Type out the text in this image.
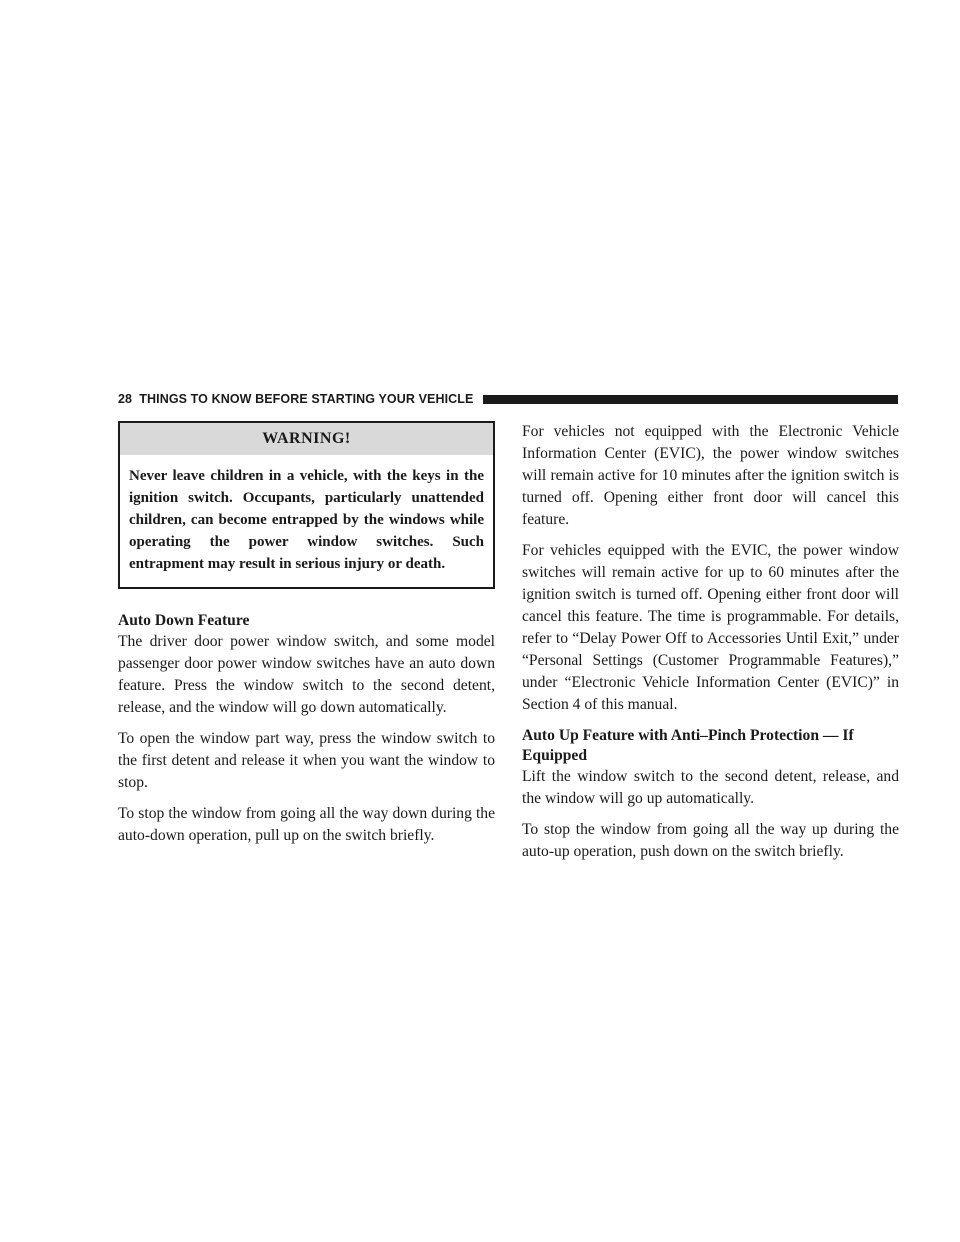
28 THINGS TO KNOW BEFORE STARTING YOUR VEHICLE
WARNING!
Never leave children in a vehicle, with the keys in the ignition switch. Occupants, particularly unattended children, can become entrapped by the windows while operating the power window switches. Such entrapment may result in serious injury or death.
Auto Down Feature

The driver door power window switch, and some model passenger door power window switches have an auto down feature. Press the window switch to the second detent, release, and the window will go down automatically.

To open the window part way, press the window switch to the first detent and release it when you want the window to stop.

To stop the window from going all the way down during the auto-down operation, pull up on the switch briefly.

For vehicles not equipped with the Electronic Vehicle Information Center (EVIC), the power window switches will remain active for 10 minutes after the ignition switch is turned off. Opening either front door will cancel this feature.

For vehicles equipped with the EVIC, the power window switches will remain active for up to 60 minutes after the ignition switch is turned off. Opening either front door will cancel this feature. The time is programmable. For details, refer to “Delay Power Off to Accessories Until Exit,” under “Personal Settings (Customer Programmable Features),” under “Electronic Vehicle Information Center (EVIC)” in Section 4 of this manual.

Auto Up Feature with Anti–Pinch Protection — If Equipped

Lift the window switch to the second detent, release, and the window will go up automatically.

To stop the window from going all the way up during the auto-up operation, push down on the switch briefly.
